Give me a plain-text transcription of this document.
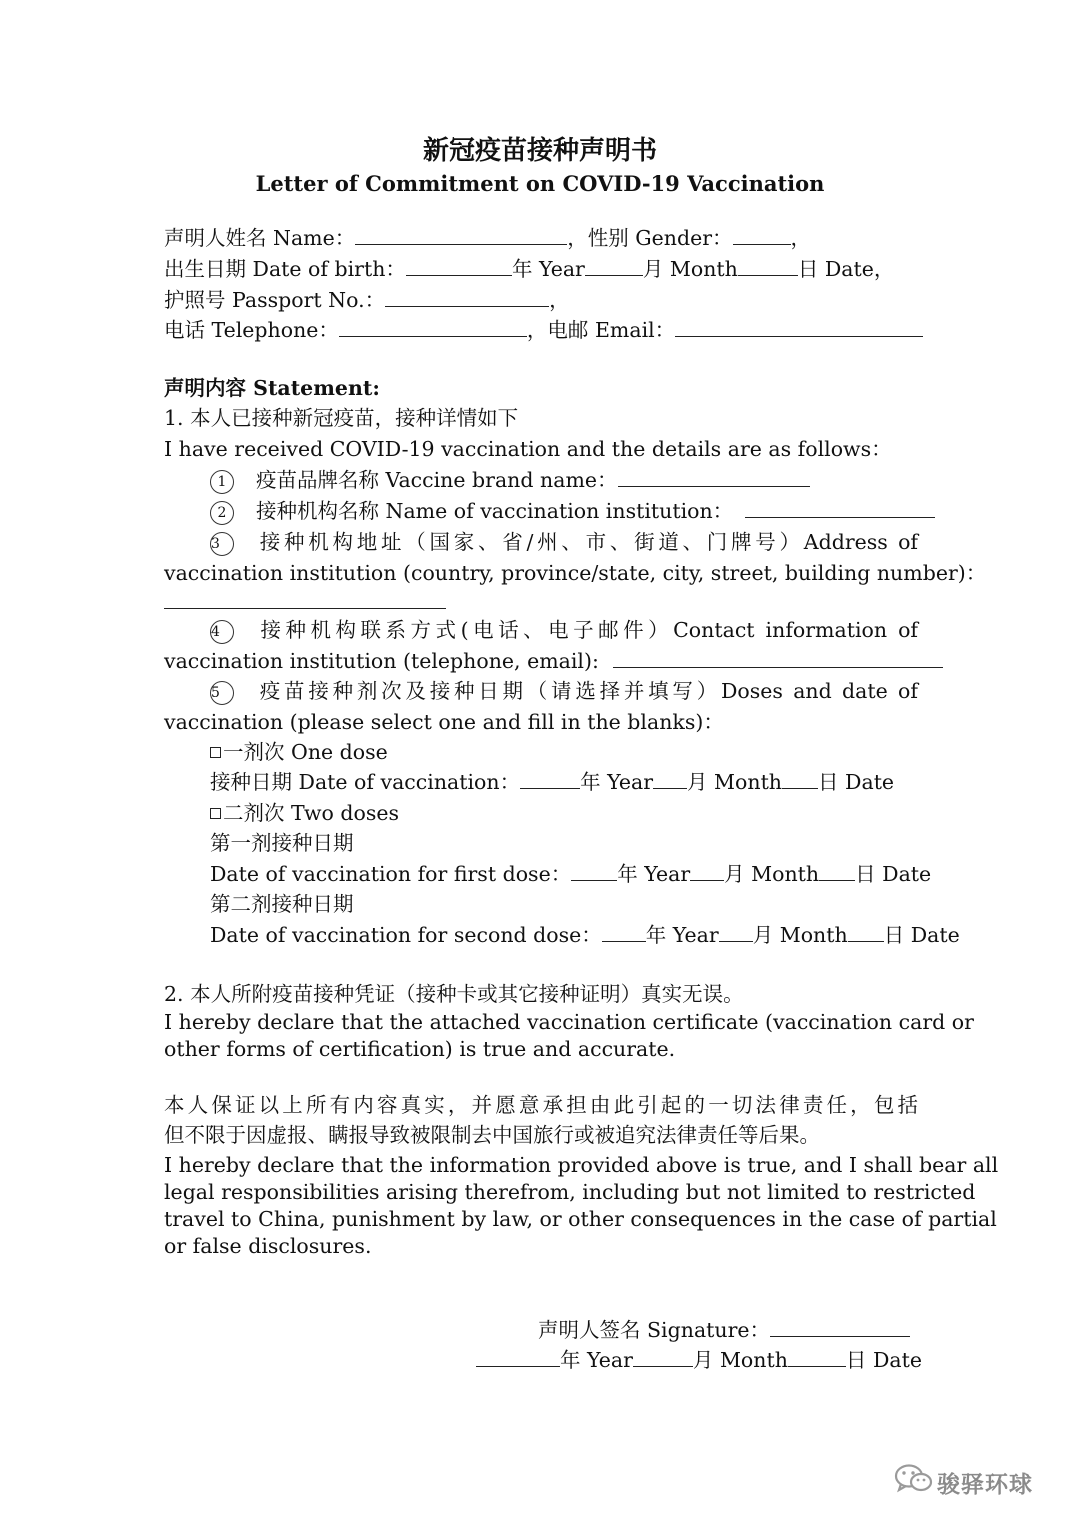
新冠疫苗接种声明书
Letter of Commitment on COVID-19 Vaccination
声明人姓名 Name：	，性别 Gender：	，
出生日期 Date of birth：	年 Year	月 Month	日 Date，
护照号 Passport No.：	，
电话 Telephone：	，电邮 Email：
声明内容 Statement:
1. 本人已接种新冠疫苗，接种详情如下
I have received COVID-19 vaccination and the details are as follows：
1 疫苗品牌名称 Vaccine brand name：
2 接种机构名称 Name of vaccination institution：
3 接种机构地址（国家、省/州、市、街道、门牌号）Address of
vaccination institution (country, province/state, city, street, building number)：
4 接种机构联系方式(电话、电子邮件）Contact information of
vaccination institution (telephone, email):
5 疫苗接种剂次及接种日期（请选择并填写）Doses and date of
vaccination (please select one and fill in the blanks)：
一剂次 One dose
接种日期 Date of vaccination：	年 Year 月 Month 日 Date
二剂次 Two doses
第一剂接种日期
Date of vaccination for first dose： 年 Year 月 Month 日 Date
第二剂接种日期
Date of vaccination for second dose： 年 Year 月 Month 日 Date
2. 本人所附疫苗接种凭证（接种卡或其它接种证明）真实无误。
I hereby declare that the attached vaccination certificate (vaccination card or
other forms of certification) is true and accurate.
本人保证以上所有内容真实，并愿意承担由此引起的一切法律责任，包括
但不限于因虚报、瞒报导致被限制去中国旅行或被追究法律责任等后果。
I hereby declare that the information provided above is true, and I shall bear all
legal responsibilities arising therefrom, including but not limited to restricted
travel to China, punishment by law, or other consequences in the case of partial
or false disclosures.
声明人签名 Signature：
年 Year	月 Month	日 Date
骏驿环球
